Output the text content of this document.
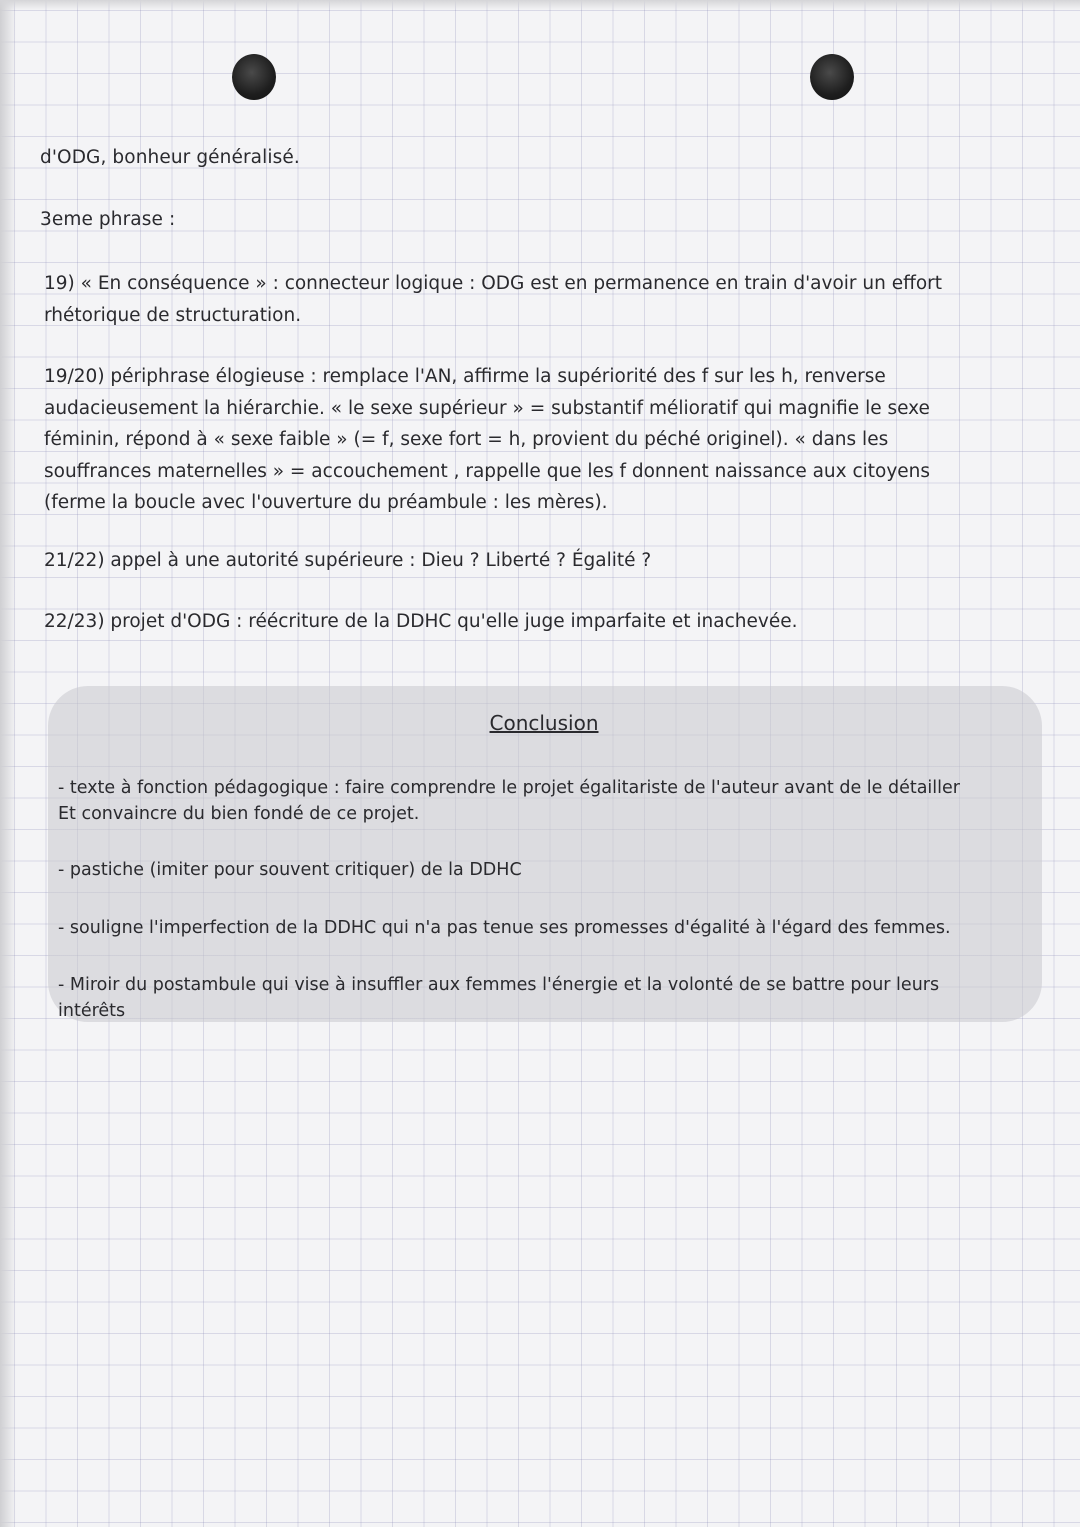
d'ODG, bonheur généralisé.
3eme phrase :
19) « En conséquence » : connecteur logique : ODG est en permanence en train d'avoir un effort
rhétorique de structuration.
19/20) périphrase élogieuse : remplace l'AN, affirme la supériorité des f sur les h, renverse
audacieusement la hiérarchie. « le sexe supérieur » = substantif mélioratif qui magnifie le sexe
féminin, répond à « sexe faible » (= f, sexe fort = h, provient du péché originel). « dans les
souffrances maternelles » = accouchement , rappelle que les f donnent naissance aux citoyens
(ferme la boucle avec l'ouverture du préambule : les mères).
21/22) appel à une autorité supérieure : Dieu ? Liberté ? Égalité ?
22/23) projet d'ODG : réécriture de la DDHC qu'elle juge imparfaite et inachevée.
Conclusion
- texte à fonction pédagogique : faire comprendre le projet égalitariste de l'auteur avant de le détailler
Et convaincre du bien fondé de ce projet.
- pastiche (imiter pour souvent critiquer) de la DDHC
- souligne l'imperfection de la DDHC qui n'a pas tenue ses promesses d'égalité à l'égard des femmes.
- Miroir du postambule qui vise à insuffler aux femmes l'énergie et la volonté de se battre pour leurs
intérêts
